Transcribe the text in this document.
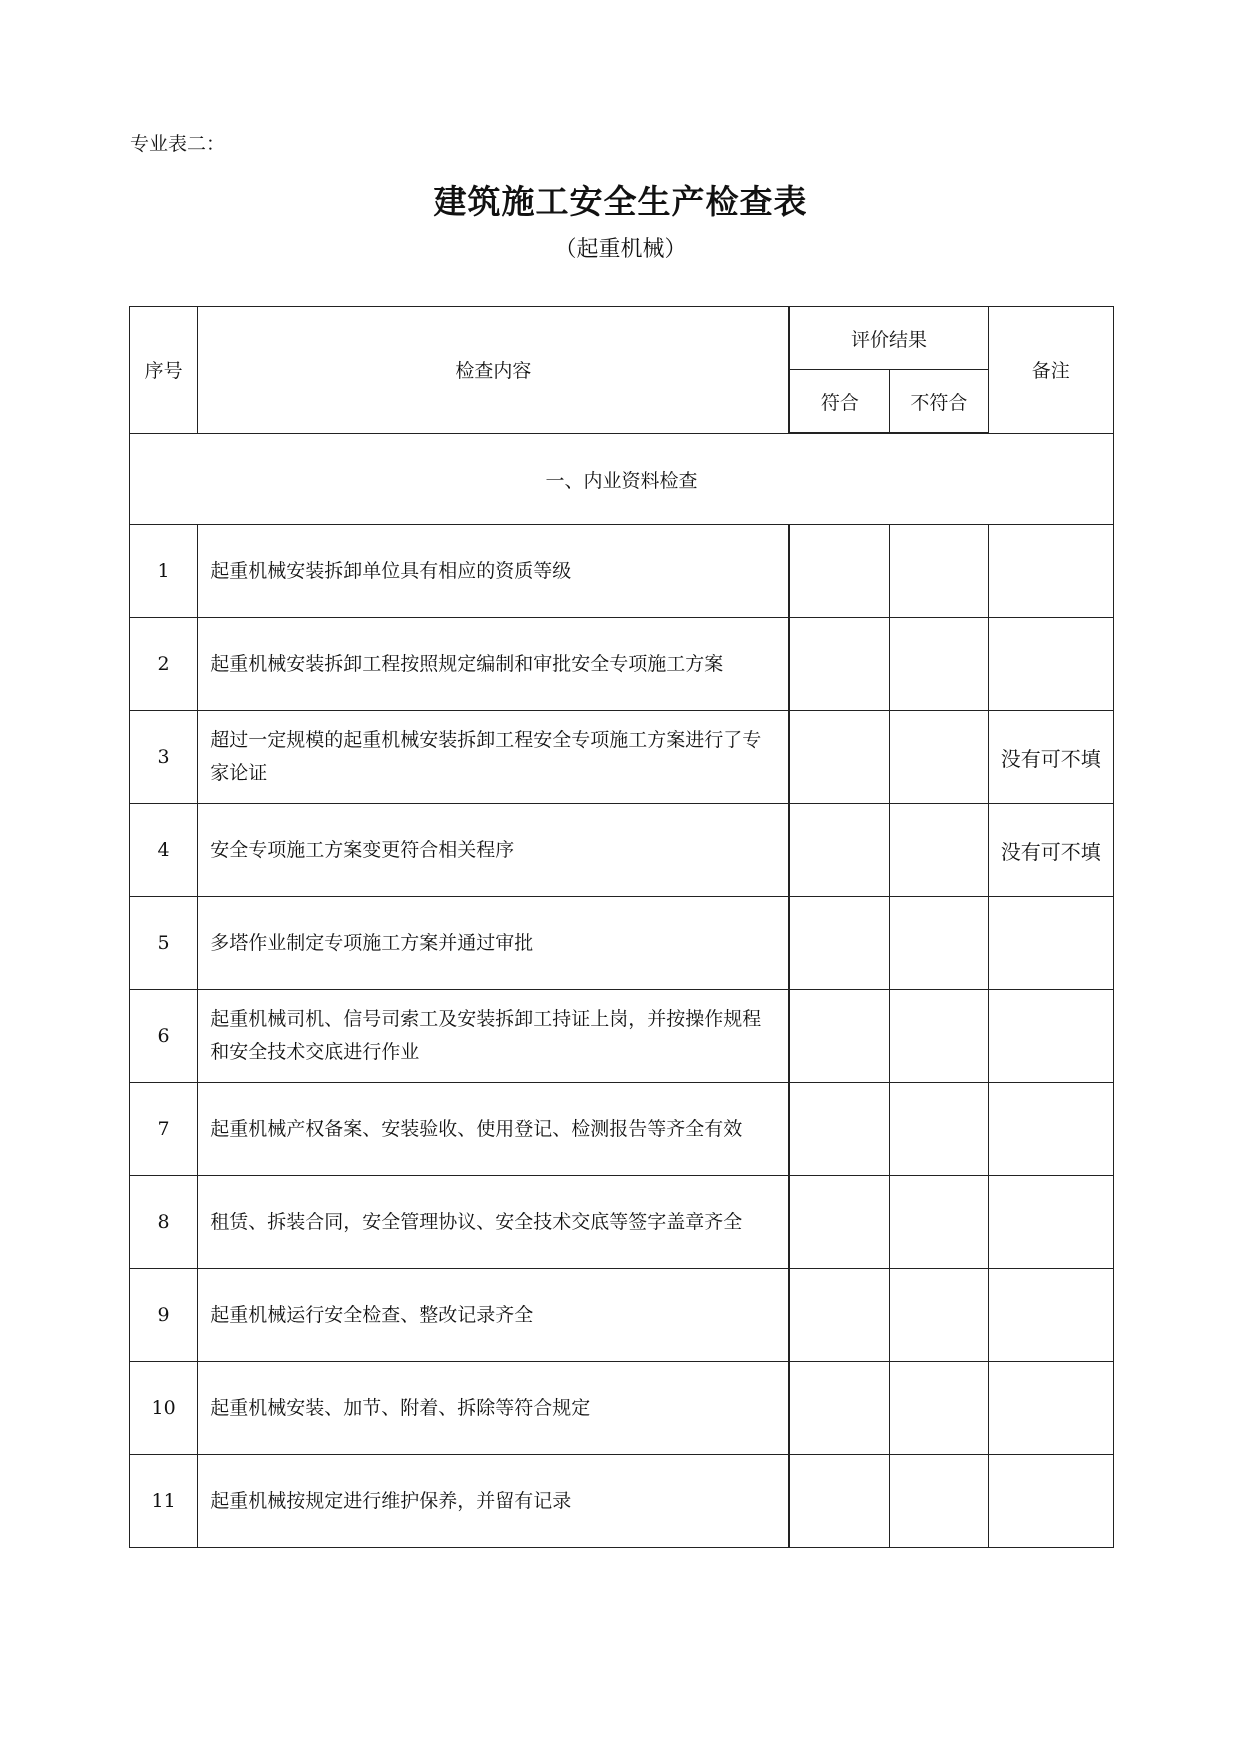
专业表二：
建筑施工安全生产检查表
（起重机械）
序号	检查内容	评价结果		备注
		符合	不符合	
一、内业资料检查				
1	起重机械安装拆卸单位具有相应的资质等级			
2	起重机械安装拆卸工程按照规定编制和审批安全专项施工方案			
3	超过一定规模的起重机械安装拆卸工程安全专项施工方案进行了专家论证			没有可不填
4	安全专项施工方案变更符合相关程序			没有可不填
5	多塔作业制定专项施工方案并通过审批			
6	起重机械司机、信号司索工及安装拆卸工持证上岗，并按操作规程和安全技术交底进行作业			
7	起重机械产权备案、安装验收、使用登记、检测报告等齐全有效			
8	租赁、拆装合同，安全管理协议、安全技术交底等签字盖章齐全			
9	起重机械运行安全检查、整改记录齐全			
10	起重机械安装、加节、附着、拆除等符合规定			
11	起重机械按规定进行维护保养，并留有记录			
